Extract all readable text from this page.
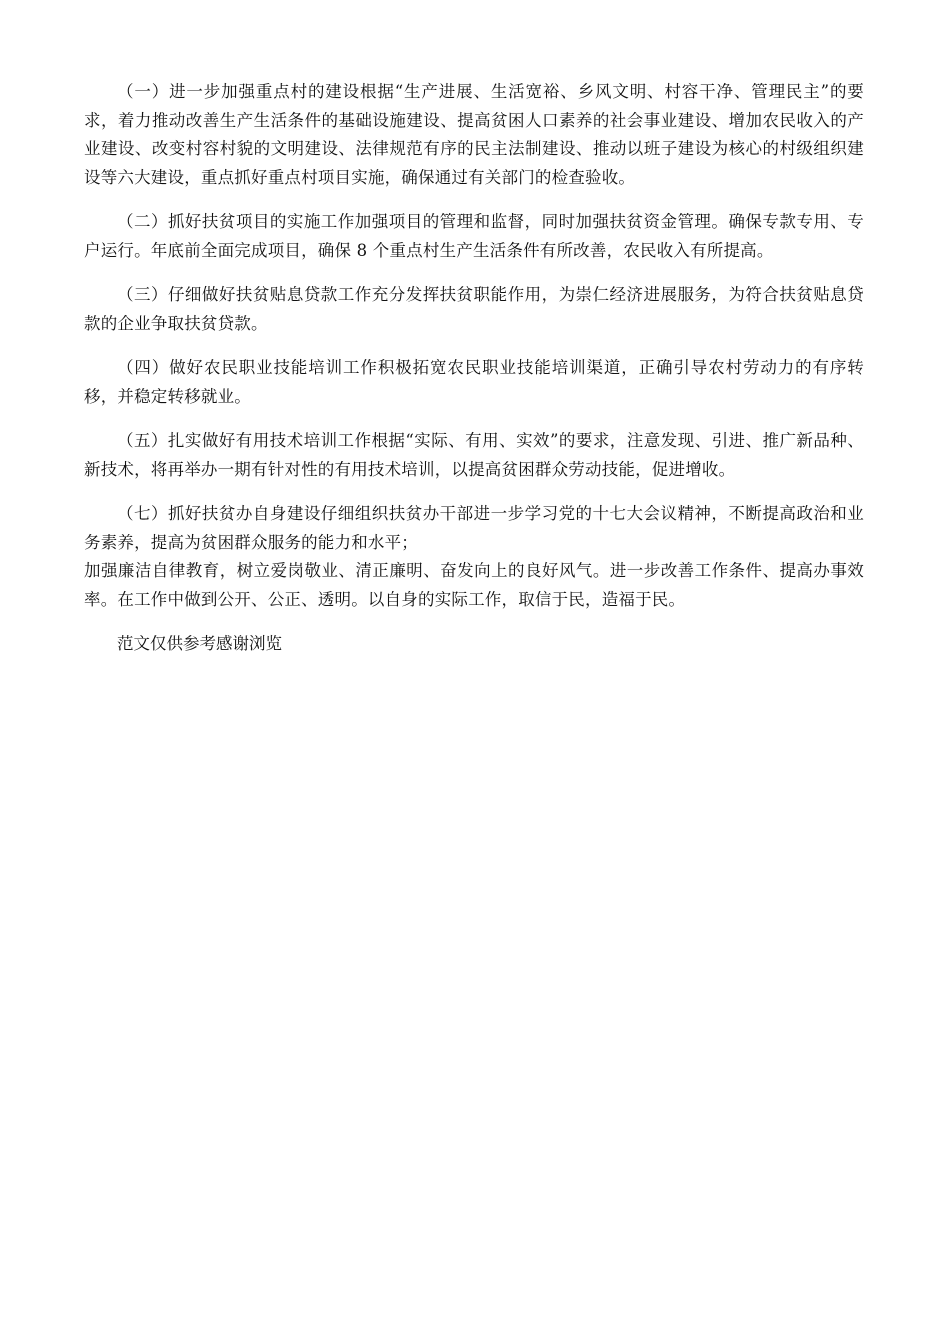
（一）进一步加强重点村的建设根据“生产进展、生活宽裕、乡风文明、村容干净、管理民主”的要求，着力推动改善生产生活条件的基础设施建设、提高贫困人口素养的社会事业建设、增加农民收入的产业建设、改变村容村貌的文明建设、法律规范有序的民主法制建设、推动以班子建设为核心的村级组织建设等六大建设，重点抓好重点村项目实施，确保通过有关部门的检查验收。

（二）抓好扶贫项目的实施工作加强项目的管理和监督，同时加强扶贫资金管理。确保专款专用、专户运行。年底前全面完成项目，确保 8 个重点村生产生活条件有所改善，农民收入有所提高。

（三）仔细做好扶贫贴息贷款工作充分发挥扶贫职能作用，为崇仁经济进展服务，为符合扶贫贴息贷款的企业争取扶贫贷款。

（四）做好农民职业技能培训工作积极拓宽农民职业技能培训渠道，正确引导农村劳动力的有序转移，并稳定转移就业。

（五）扎实做好有用技术培训工作根据“实际、有用、实效”的要求，注意发现、引进、推广新品种、新技术，将再举办一期有针对性的有用技术培训，以提高贫困群众劳动技能，促进增收。

（七）抓好扶贫办自身建设仔细组织扶贫办干部进一步学习党的十七大会议精神，不断提高政治和业务素养，提高为贫困群众服务的能力和水平；

加强廉洁自律教育，树立爱岗敬业、清正廉明、奋发向上的良好风气。进一步改善工作条件、提高办事效率。在工作中做到公开、公正、透明。以自身的实际工作，取信于民，造福于民。

范文仅供参考感谢浏览
